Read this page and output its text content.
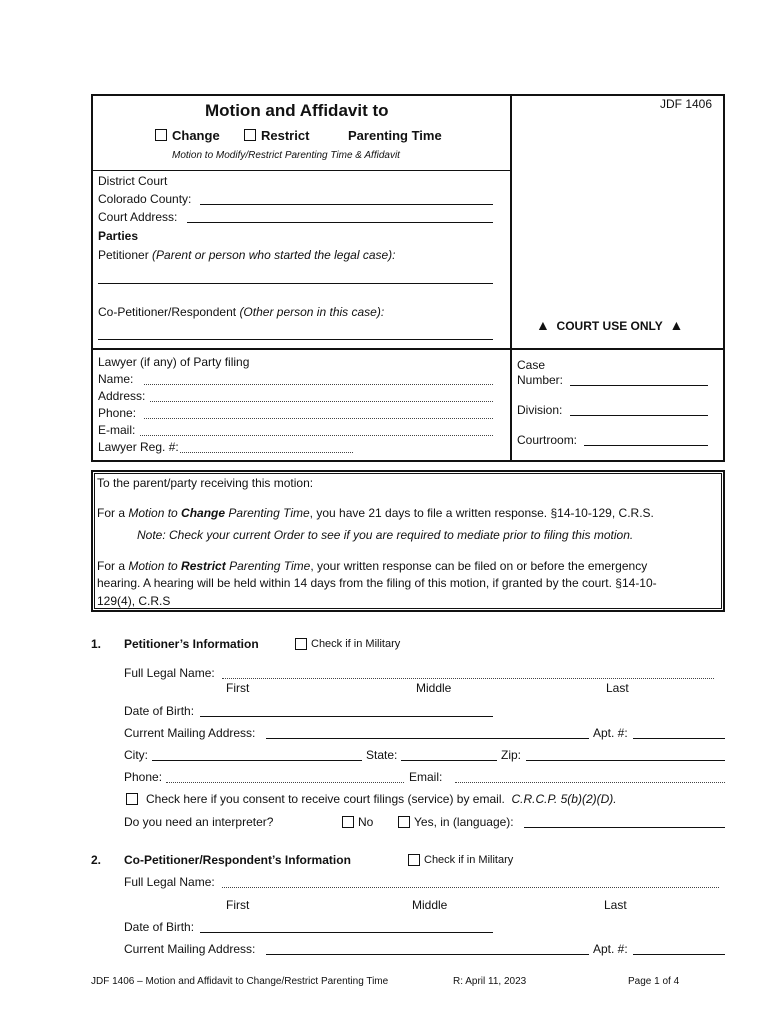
JDF 1406
Motion and Affidavit to
Change	Restrict	Parenting Time
Motion to Modify/Restrict Parenting Time & Affidavit
District Court
Colorado County:
Court Address:
Parties
Petitioner (Parent or person who started the legal case):
Co-Petitioner/Respondent (Other person in this case):
▲ COURT USE ONLY ▲
Lawyer (if any) of Party filing
Name:
Address:
Phone:
E-mail:
Lawyer Reg. #:
Case
Number:
Division:
Courtroom:
To the parent/party receiving this motion:
For a Motion to Change Parenting Time, you have 21 days to file a written response. §14-10-129, C.R.S.
Note: Check your current Order to see if you are required to mediate prior to filing this motion.
For a Motion to Restrict Parenting Time, your written response can be filed on or before the emergency
hearing. A hearing will be held within 14 days from the filing of this motion, if granted by the court. §14-10-
129(4), C.R.S
1. Petitioner’s Information	Check if in Military
Full Legal Name:
First	Middle	Last
Date of Birth:
Current Mailing Address:	Apt. #:
City:	State:	Zip:
Phone:	Email:
Check here if you consent to receive court filings (service) by email. C.R.C.P. 5(b)(2)(D).
Do you need an interpreter?	No	Yes, in (language):
2. Co-Petitioner/Respondent’s Information	Check if in Military
Full Legal Name:
First	Middle	Last
Date of Birth:
Current Mailing Address:	Apt. #:
JDF 1406 – Motion and Affidavit to Change/Restrict Parenting Time	R: April 11, 2023	Page 1 of 4
